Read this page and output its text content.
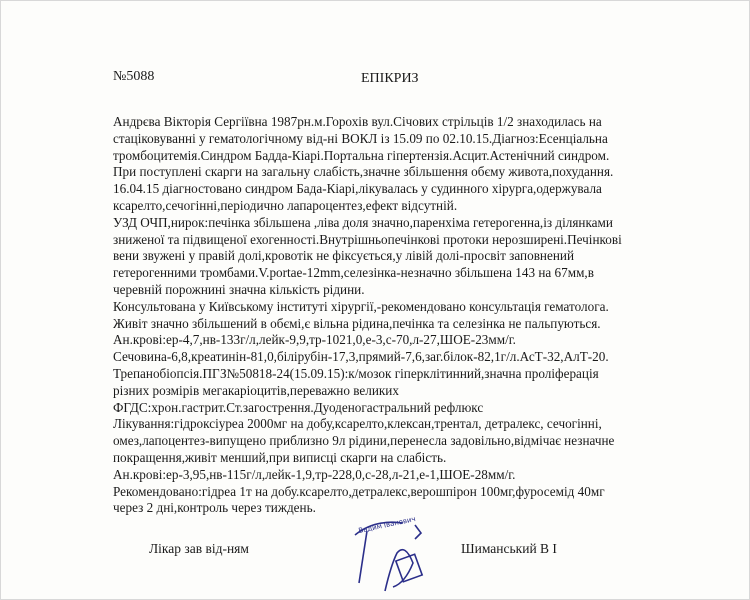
№5088	ЕПІКРИЗ
Андрєва Вікторія Сергіївна 1987рн.м.Горохів вул.Січових стрільців 1/2 знаходилась на
стаціковуванні у гематологічному від-ні ВОКЛ із 15.09 по 02.10.15.Діагноз:Есенціальна
тромбоцитемія.Синдром Бадда-Кіарі.Портальна гіпертензія.Асцит.Астенічний синдром.
При поступлені скарги на загальну слабість,значне збільшення обєму живота,похудання.
16.04.15 діагностовано синдром Бада-Кіарі,лікувалась у судинного хірурга,одержувала
ксарелто,сечогінні,періодично лапароцентез,ефект відсутній.
УЗД ОЧП,нирок:печінка збільшена ,ліва доля значно,паренхіма гетерогенна,із ділянками
зниженої та підвищеної ехогенності.Внутрішньопечінкові протоки нерозширені.Печінкові
вени звужені у правій долі,кровотік не фіксується,у лівій долі-просвіт заповнений
гетерогенними тромбами.V.portae-12mm,селезінка-незначно збільшена 143 на 67мм,в
черевній порожнині значна кількість рідини.
Консультована у Київському інституті хірургії,-рекомендовано консультація гематолога.
Живіт значно збільшений в обємі,є вільна рідина,печінка та селезінка не пальпуються.
Ан.крові:ер-4,7,нв-133г/л,лейк-9,9,тр-1021,0,е-3,с-70,л-27,ШОЕ-23мм/г.
Сечовина-6,8,креатинін-81,0,білірубін-17,3,прямий-7,6,заг.білок-82,1г/л.АсТ-32,АлТ-20.
Трепанобіопсія.ПГЗ№50818-24(15.09.15):к/мозок гіперклітинний,значна проліферація
різних розмірів мегакаріоцитів,переважно великих
ФГДС:хрон.гастрит.Ст.загострення.Дуоденогастральний рефлюкс
Лікування:гідроксіуреа 2000мг на добу,ксарелто,клексан,трентал, детралекс, сечогінні,
омез,лапоцентез-випущено приблизно 9л рідини,перенесла задовільно,відмічає незначне
покращення,живіт менший,при виписці скарги на слабість.
Ан.крові:ер-3,95,нв-115г/л,лейк-1,9,тр-228,0,с-28,л-21,е-1,ШОЕ-28мм/г.
Рекомендовано:гідреа 1т на добу.ксарелто,детралекс,верошпірон 100мг,фуросемід 40мг
через 2 дні,контроль через тиждень.
Лікар зав від-ням
Вадим Іванович
Шиманський В І
